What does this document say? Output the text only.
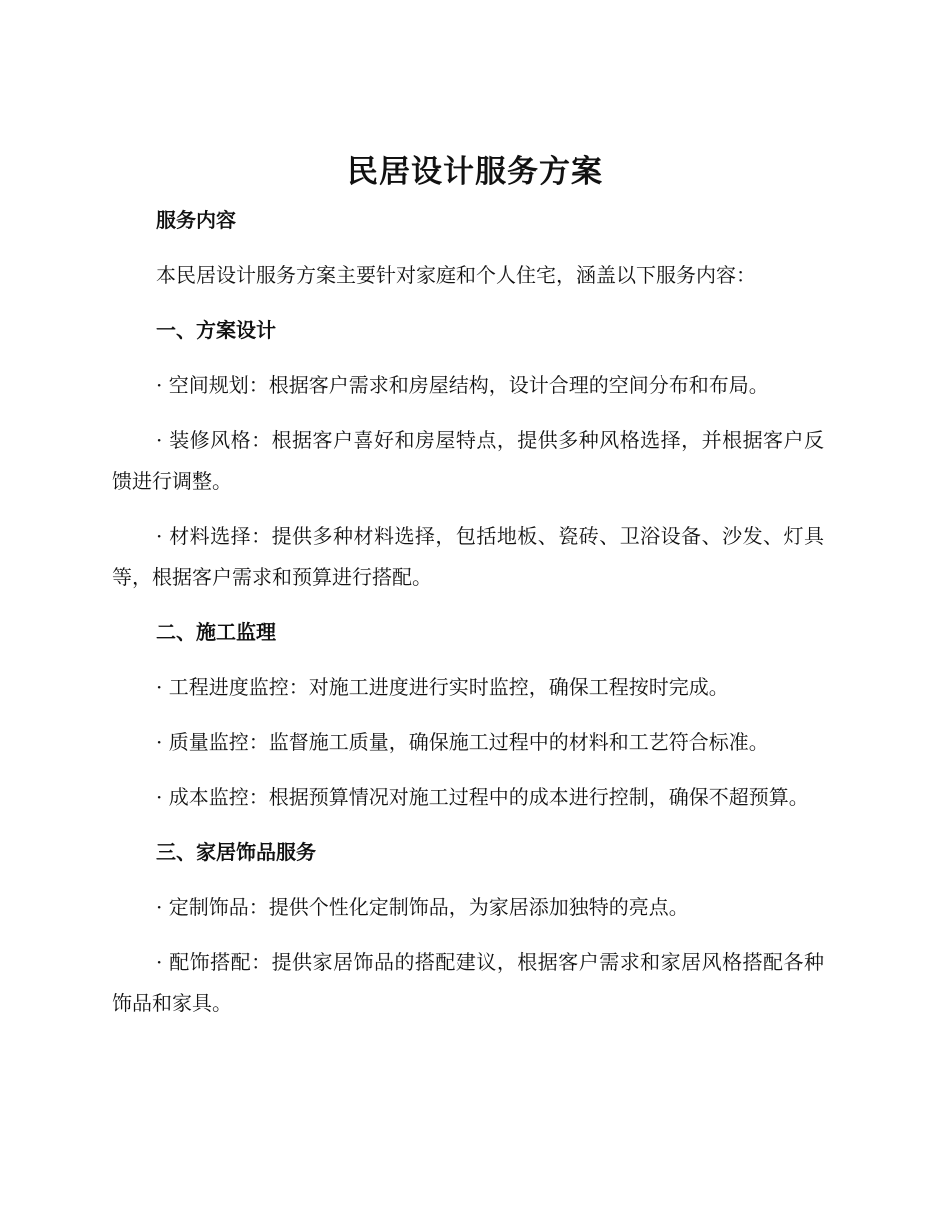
民居设计服务方案
服务内容
本民居设计服务方案主要针对家庭和个人住宅，涵盖以下服务内容：
一、方案设计
· 空间规划：根据客户需求和房屋结构，设计合理的空间分布和布局。
· 装修风格：根据客户喜好和房屋特点，提供多种风格选择，并根据客户反馈进行调整。
· 材料选择：提供多种材料选择，包括地板、瓷砖、卫浴设备、沙发、灯具等，根据客户需求和预算进行搭配。
二、施工监理
· 工程进度监控：对施工进度进行实时监控，确保工程按时完成。
· 质量监控：监督施工质量，确保施工过程中的材料和工艺符合标准。
· 成本监控：根据预算情况对施工过程中的成本进行控制，确保不超预算。
三、家居饰品服务
· 定制饰品：提供个性化定制饰品，为家居添加独特的亮点。
· 配饰搭配：提供家居饰品的搭配建议，根据客户需求和家居风格搭配各种饰品和家具。
